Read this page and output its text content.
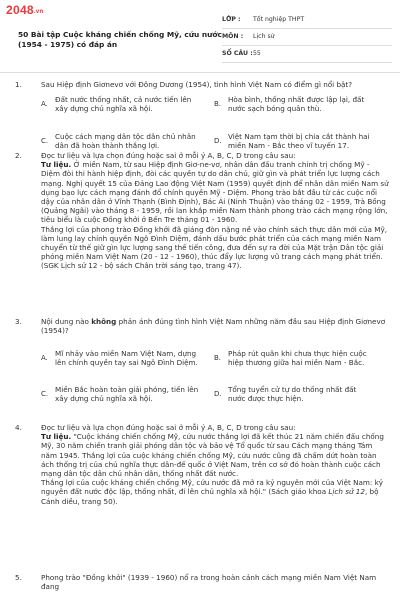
2048.vn
50 Bài tập Cuộc kháng chiến chống Mỹ, cứu nước (1954 - 1975) có đáp án
LỚP :	Tốt nghiệp THPT
MÔN :	Lịch sử
SỐ CÂU : 55
1.	Sau Hiệp định Giơnevơ với Đông Dương (1954), tình hình Việt Nam có điểm gì nổi bật?
A. Đất nước thống nhất, cả nước tiến lên xây dựng chủ nghĩa xã hội.
B. Hòa bình, thống nhất được lập lại, đất nước sạch bóng quân thù.
C. Cuộc cách mạng dân tộc dân chủ nhân dân đã hoàn thành thắng lợi.
D. Việt Nam tạm thời bị chia cắt thành hai miền Nam - Bắc theo vĩ tuyến 17.
2.	Đọc tư liệu và lựa chọn đúng hoặc sai ở mỗi ý A, B, C, D trong câu sau:
Tư liệu. Ở miền Nam, từ sau Hiệp định Giơ-ne-vơ, nhân dân đấu tranh chính trị chống Mỹ - Diệm đòi thi hành hiệp định, đòi các quyền tự do dân chủ, giữ gìn và phát triển lực lượng cách mạng. Nghị quyết 15 của Đảng Lao động Việt Nam (1959) quyết định để nhân dân miền Nam sử dụng bạo lực cách mạng đánh đổ chính quyền Mỹ - Diệm. Phong trào bắt đầu từ các cuộc nổi dậy của nhân dân ở Vĩnh Thạnh (Bình Định), Bác Ái (Ninh Thuận) vào tháng 02 - 1959, Trà Bồng (Quảng Ngãi) vào tháng 8 - 1959, rồi lan khắp miền Nam thành phong trào cách mạng rộng lớn, tiêu biểu là cuộc Đồng khởi ở Bến Tre tháng 01 - 1960.
Thắng lợi của phong trào Đồng khởi đã giáng đòn nặng nề vào chính sách thực dân mới của Mỹ, làm lung lay chính quyền Ngô Đình Diệm, đánh dấu bước phát triển của cách mạng miền Nam chuyển từ thế giữ gìn lực lượng sang thế tiến công, đưa đến sự ra đời của Mặt trận Dân tộc giải phóng miền Nam Việt Nam (20 - 12 - 1960), thúc đẩy lực lượng vũ trang cách mạng phát triển. (SGK Lịch sử 12 - bộ sách Chân trời sáng tạo, trang 47).
3.	Nội dung nào không phản ánh đúng tình hình Việt Nam những năm đầu sau Hiệp định Giơnevơ (1954)?
A. Mĩ nhảy vào miền Nam Việt Nam, dựng lên chính quyền tay sai Ngô Đình Diệm.
B. Pháp rút quân khi chưa thực hiện cuộc hiệp thương giữa hai miền Nam - Bắc.
C. Miền Bắc hoàn toàn giải phóng, tiến lên xây dựng chủ nghĩa xã hội.
D. Tổng tuyển cử tự do thống nhất đất nước được thực hiện.
4.	Đọc tư liệu và lựa chọn đúng hoặc sai ở mỗi ý A, B, C, D trong câu sau:
Tư liệu. "Cuộc kháng chiến chống Mỹ, cứu nước thắng lợi đã kết thúc 21 năm chiến đấu chống Mỹ, 30 năm chiến tranh giải phóng dân tộc và bảo vệ Tổ quốc từ sau Cách mạng tháng Tám năm 1945. Thắng lợi của cuộc kháng chiến chống Mỹ, cứu nước cũng đã chấm dứt hoàn toàn ách thống trị của chủ nghĩa thực dân-đế quốc ở Việt Nam, trên cơ sở đó hoàn thành cuộc cách mạng dân tộc dân chủ nhân dân, thống nhất đất nước.
Thắng lợi của cuộc kháng chiến chống Mỹ, cứu nước đã mở ra kỷ nguyên mới của Việt Nam: kỷ nguyên đất nước độc lập, thống nhất, đi lên chủ nghĩa xã hội." (Sách giáo khoa Lịch sử 12, bộ Cánh diều, trang 50).
5.	Phong trào "Đồng khởi" (1939 - 1960) nổ ra trong hoàn cảnh cách mạng miền Nam Việt Nam đang
